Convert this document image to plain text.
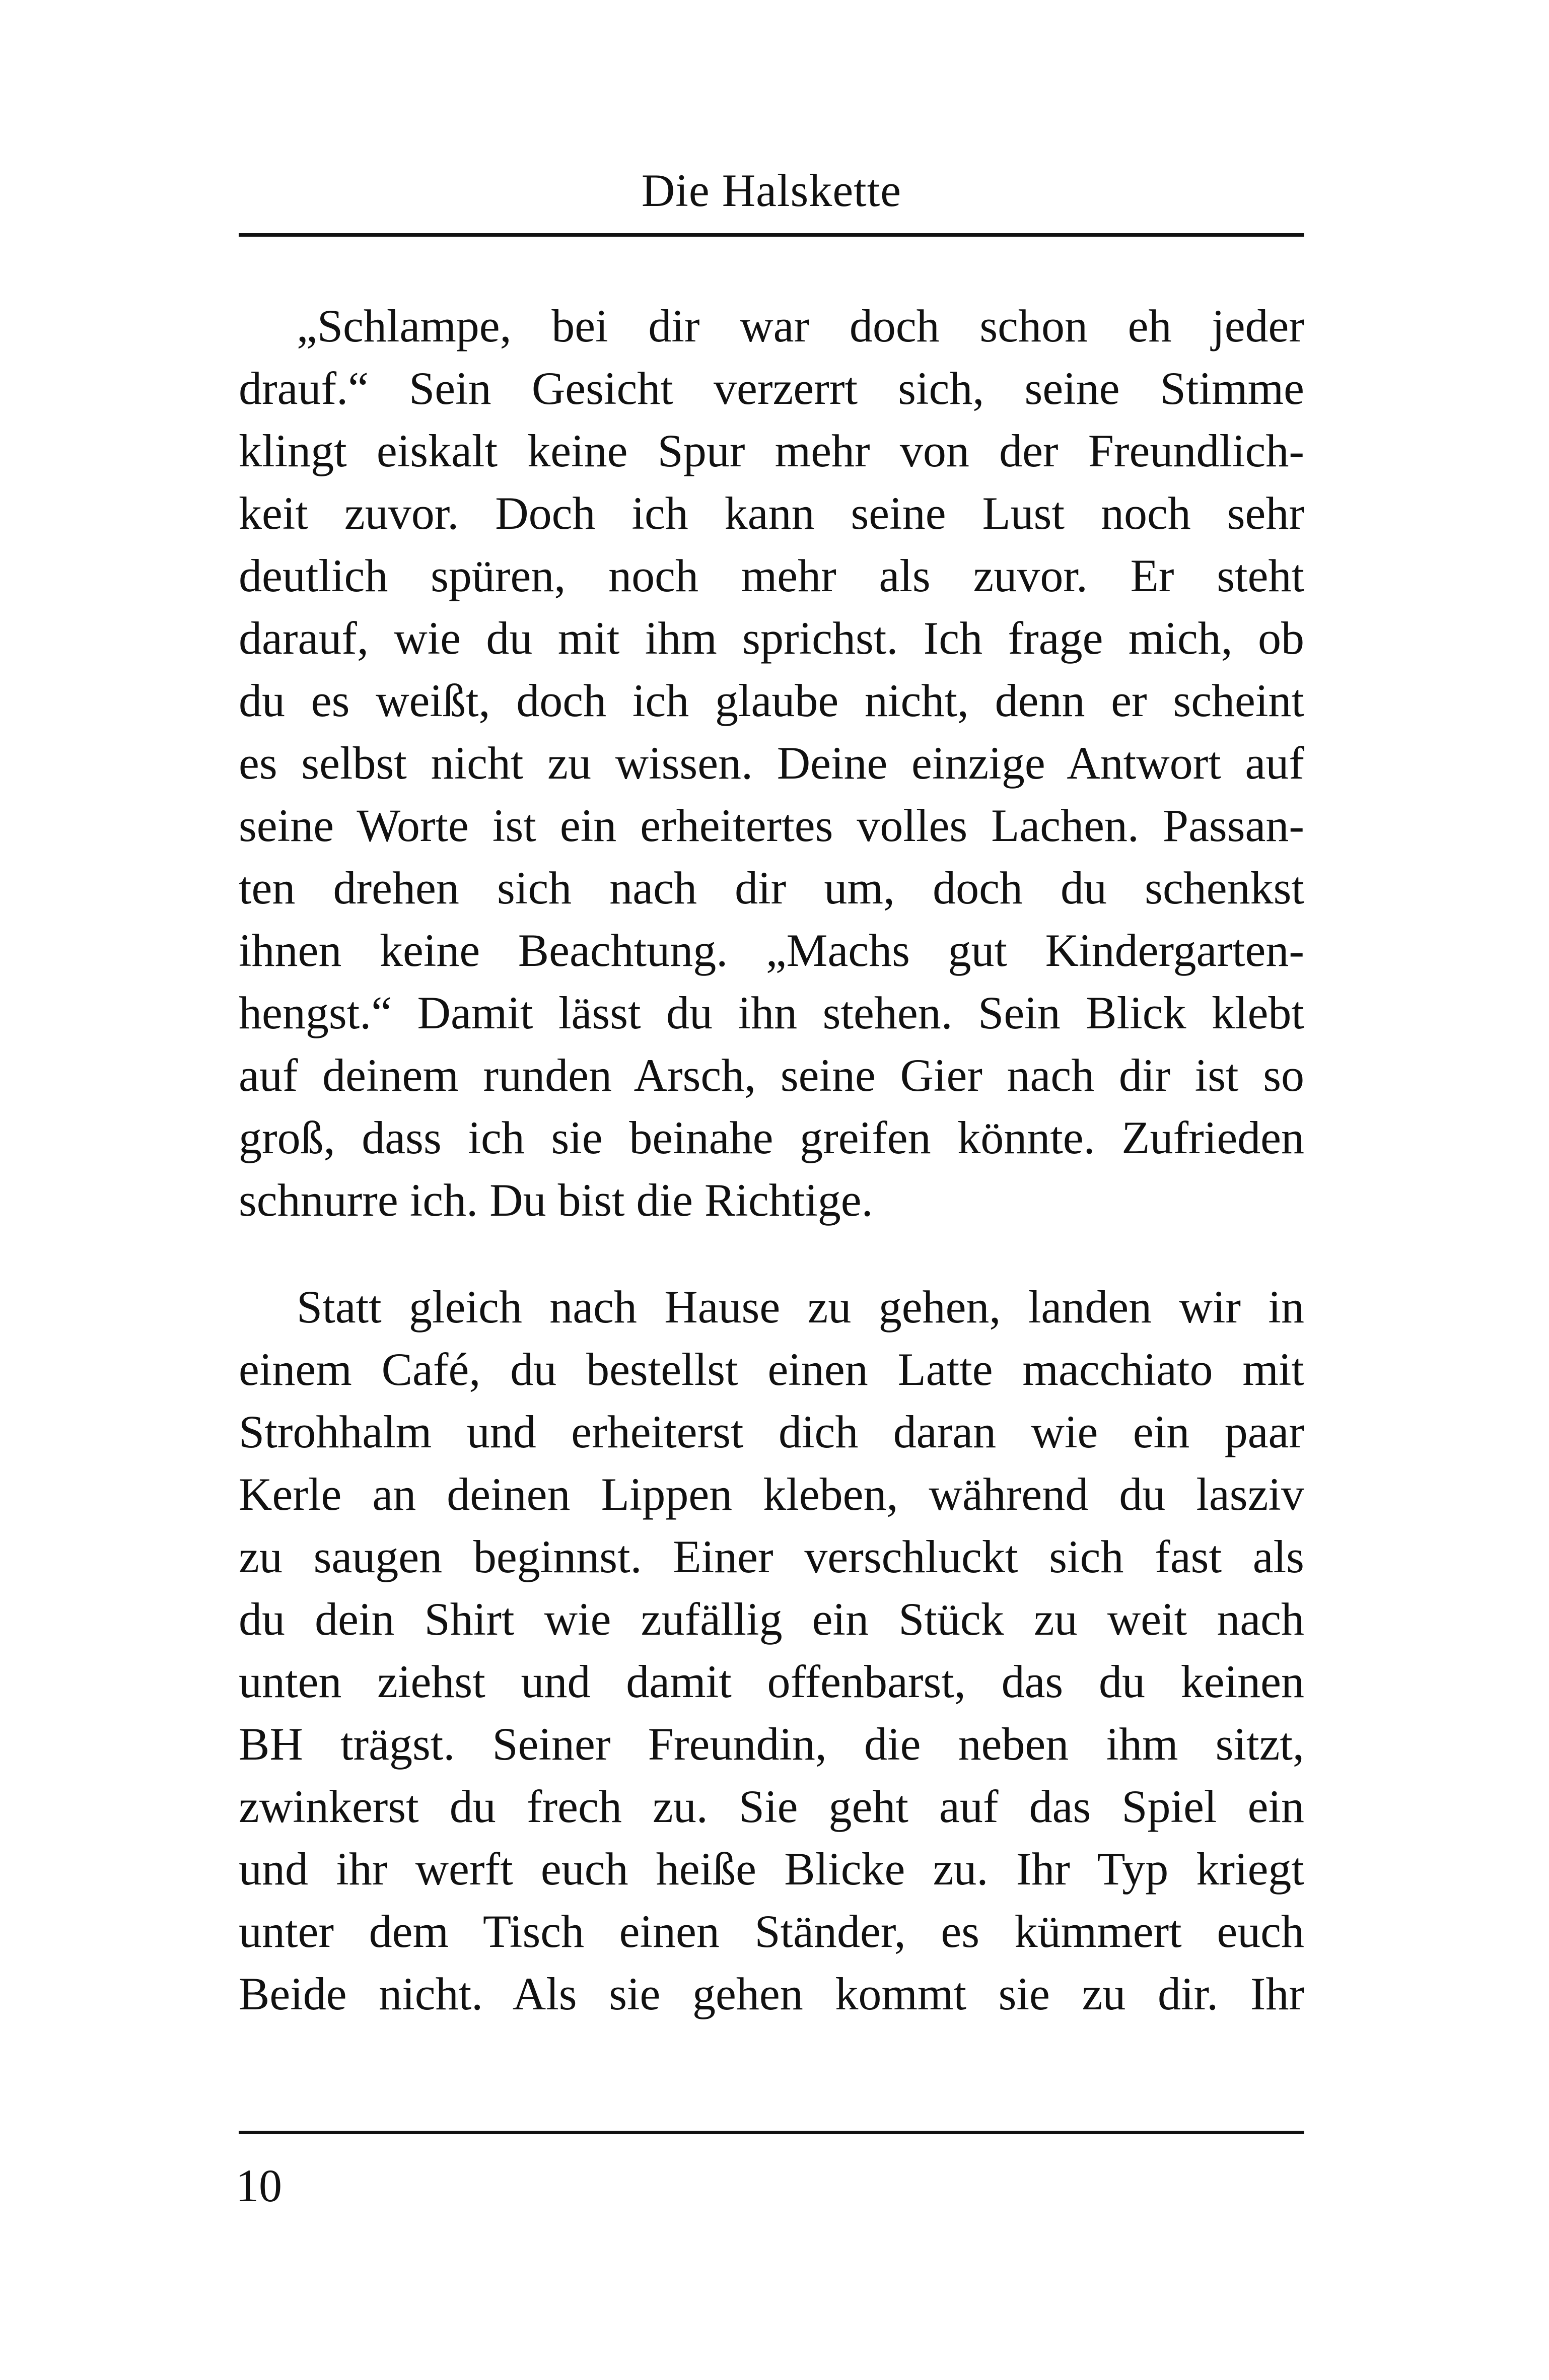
Die Halskette
„Schlampe, bei dir war doch schon eh jeder
drauf.“ Sein Gesicht verzerrt sich, seine Stimme
klingt eiskalt keine Spur mehr von der Freundlich-
keit zuvor. Doch ich kann seine Lust noch sehr
deutlich spüren, noch mehr als zuvor. Er steht
darauf, wie du mit ihm sprichst. Ich frage mich, ob
du es weißt, doch ich glaube nicht, denn er scheint
es selbst nicht zu wissen. Deine einzige Antwort auf
seine Worte ist ein erheitertes volles Lachen. Passan-
ten drehen sich nach dir um, doch du schenkst
ihnen keine Beachtung. „Machs gut Kindergarten-
hengst.“ Damit lässt du ihn stehen. Sein Blick klebt
auf deinem runden Arsch, seine Gier nach dir ist so
groß, dass ich sie beinahe greifen könnte. Zufrieden
schnurre ich. Du bist die Richtige.
Statt gleich nach Hause zu gehen, landen wir in
einem Café, du bestellst einen Latte macchiato mit
Strohhalm und erheiterst dich daran wie ein paar
Kerle an deinen Lippen kleben, während du lasziv
zu saugen beginnst. Einer verschluckt sich fast als
du dein Shirt wie zufällig ein Stück zu weit nach
unten ziehst und damit offenbarst, das du keinen
BH trägst. Seiner Freundin, die neben ihm sitzt,
zwinkerst du frech zu. Sie geht auf das Spiel ein
und ihr werft euch heiße Blicke zu. Ihr Typ kriegt
unter dem Tisch einen Ständer, es kümmert euch
Beide nicht. Als sie gehen kommt sie zu dir. Ihr
10
